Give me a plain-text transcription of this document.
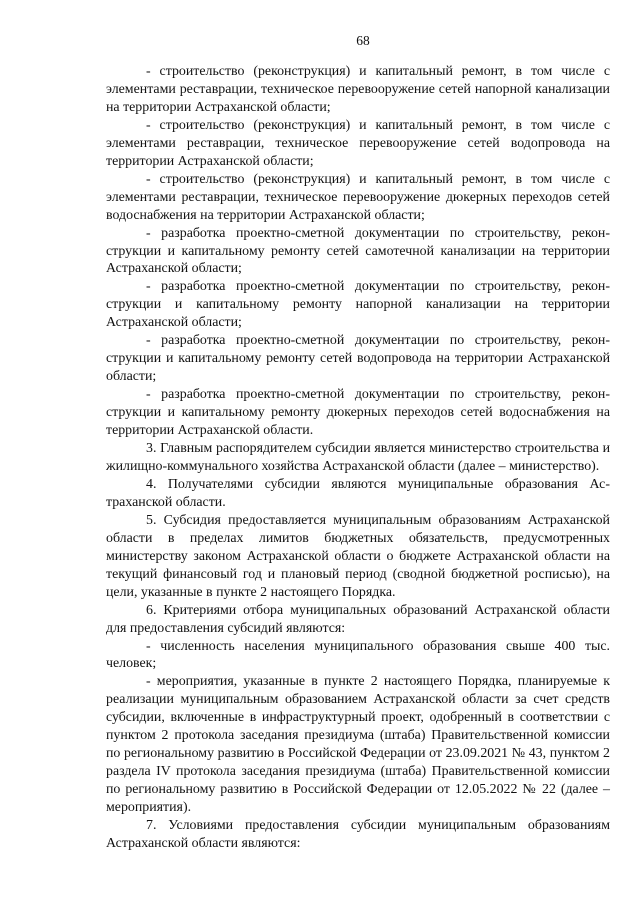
68

- строительство (реконструкция) и капитальный ремонт, в том числе с элементами реставрации, техническое перевооружение сетей напорной канализации на территории Астраханской области;

- строительство (реконструкция) и капитальный ремонт, в том числе с элементами реставрации, техническое перевооружение сетей водопровода на территории Астраханской области;

- строительство (реконструкция) и капитальный ремонт, в том числе с элементами реставрации, техническое перевооружение дюкерных переходов сетей водоснабжения на территории Астраханской области;

- разработка проектно-сметной документации по строительству, реконструкции и капитальному ремонту сетей самотечной канализации на территории Астраханской области;

- разработка проектно-сметной документации по строительству, реконструкции и капитальному ремонту напорной канализации на территории Астраханской области;

- разработка проектно-сметной документации по строительству, реконструкции и капитальному ремонту сетей водопровода на территории Астраханской области;

- разработка проектно-сметной документации по строительству, реконструкции и капитальному ремонту дюкерных переходов сетей водоснабжения на территории Астраханской области.

3. Главным распорядителем субсидии является министерство строительства и жилищно-коммунального хозяйства Астраханской области (далее – министерство).

4. Получателями субсидии являются муниципальные образования Астраханской области.

5. Субсидия предоставляется муниципальным образованиям Астраханской области в пределах лимитов бюджетных обязательств, предусмотренных министерству законом Астраханской области о бюджете Астраханской области на текущий финансовый год и плановый период (сводной бюджетной росписью), на цели, указанные в пункте 2 настоящего Порядка.

6. Критериями отбора муниципальных образований Астраханской области для предоставления субсидий являются:

- численность населения муниципального образования свыше 400 тыс. человек;

- мероприятия, указанные в пункте 2 настоящего Порядка, планируемые к реализации муниципальным образованием Астраханской области за счет средств субсидии, включенные в инфраструктурный проект, одобренный в соответствии с пунктом 2 протокола заседания президиума (штаба) Правительственной комиссии по региональному развитию в Российской Федерации от 23.09.2021 № 43, пунктом 2 раздела IV протокола заседания президиума (штаба) Правительственной комиссии по региональному развитию в Российской Федерации от 12.05.2022 № 22 (далее – мероприятия).

7. Условиями предоставления субсидии муниципальным образованиям Астраханской области являются:
